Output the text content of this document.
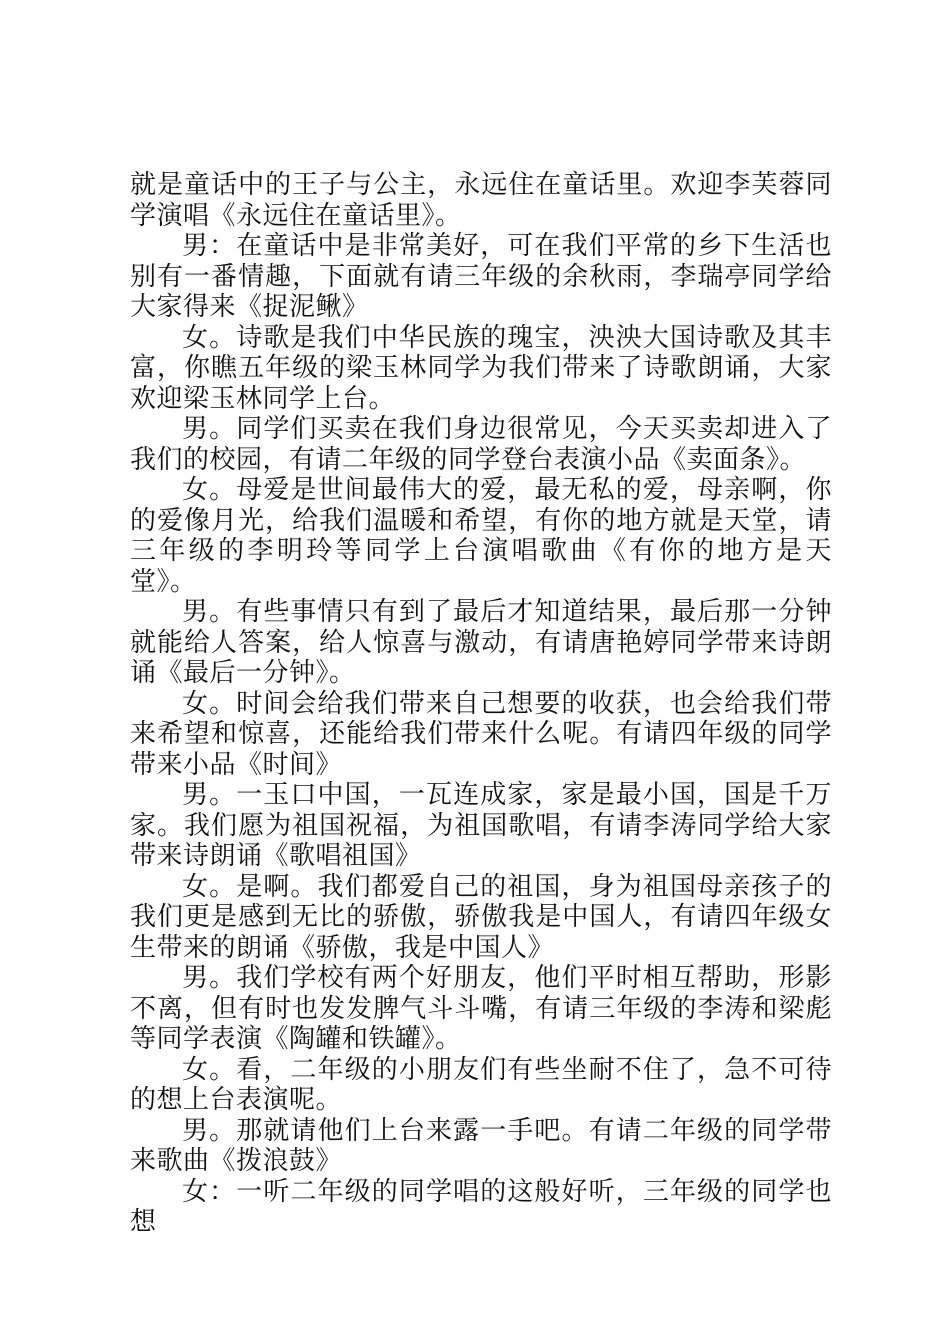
就是童话中的王子与公主，永远住在童话里。欢迎李芙蓉同学演唱《永远住在童话里》。

男：在童话中是非常美好，可在我们平常的乡下生活也别有一番情趣，下面就有请三年级的余秋雨，李瑞亭同学给大家得来《捉泥鳅》

女。诗歌是我们中华民族的瑰宝，泱泱大国诗歌及其丰富，你瞧五年级的梁玉林同学为我们带来了诗歌朗诵，大家欢迎梁玉林同学上台。

男。同学们买卖在我们身边很常见，今天买卖却进入了我们的校园，有请二年级的同学登台表演小品《卖面条》。

女。母爱是世间最伟大的爱，最无私的爱，母亲啊，你的爱像月光，给我们温暖和希望，有你的地方就是天堂，请三年级的李明玲等同学上台演唱歌曲《有你的地方是天堂》。

男。有些事情只有到了最后才知道结果，最后那一分钟就能给人答案，给人惊喜与激动，有请唐艳婷同学带来诗朗诵《最后一分钟》。

女。时间会给我们带来自己想要的收获，也会给我们带来希望和惊喜，还能给我们带来什么呢。有请四年级的同学带来小品《时间》

男。一玉口中国，一瓦连成家，家是最小国，国是千万家。我们愿为祖国祝福，为祖国歌唱，有请李涛同学给大家带来诗朗诵《歌唱祖国》

女。是啊。我们都爱自己的祖国，身为祖国母亲孩子的我们更是感到无比的骄傲，骄傲我是中国人，有请四年级女生带来的朗诵《骄傲，我是中国人》

男。我们学校有两个好朋友，他们平时相互帮助，形影不离，但有时也发发脾气斗斗嘴，有请三年级的李涛和梁彪等同学表演《陶罐和铁罐》。

女。看，二年级的小朋友们有些坐耐不住了，急不可待的想上台表演呢。

男。那就请他们上台来露一手吧。有请二年级的同学带来歌曲《拨浪鼓》

女：一听二年级的同学唱的这般好听，三年级的同学也想
